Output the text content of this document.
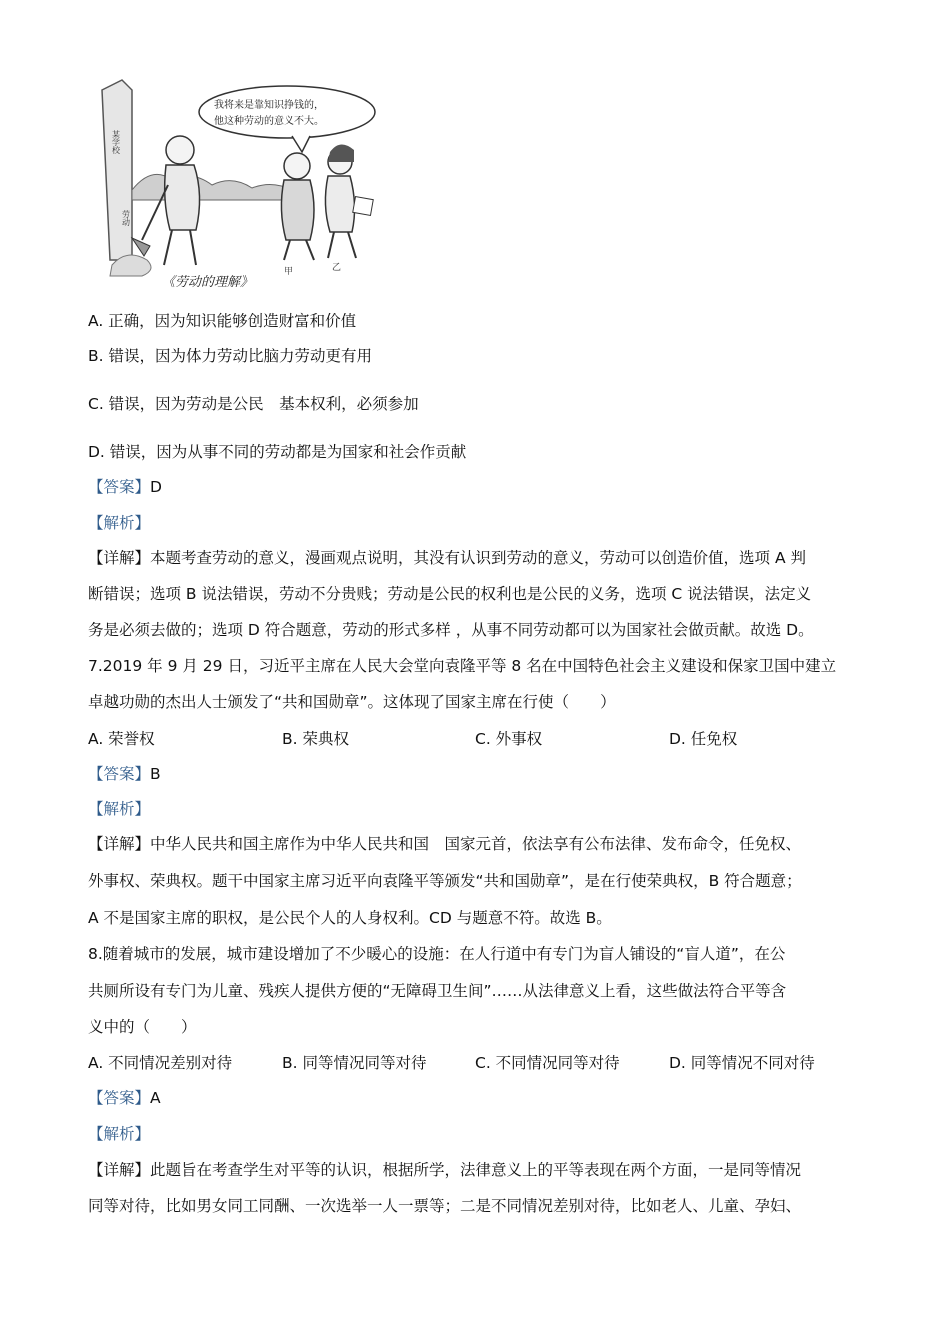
某学校
劳动
我将来是靠知识挣钱的，
他这种劳动的意义不大。
甲	乙
《劳动的理解》
A. 正确，因为知识能够创造财富和价值
B. 错误，因为体力劳动比脑力劳动更有用
C. 错误，因为劳动是公民　基本权利，必须参加
D. 错误，因为从事不同的劳动都是为国家和社会作贡献
【答案】D
【解析】
【详解】本题考查劳动的意义，漫画观点说明，其没有认识到劳动的意义，劳动可以创造价值，选项 A 判
断错误；选项 B 说法错误，劳动不分贵贱；劳动是公民的权利也是公民的义务，选项 C 说法错误，法定义
务是必须去做的；选项 D 符合题意，劳动的形式多样 ，从事不同劳动都可以为国家社会做贡献。故选 D。
7.2019 年 9 月 29 日，习近平主席在人民大会堂向袁隆平等 8 名在中国特色社会主义建设和保家卫国中建立
卓越功勋的杰出人士颁发了“共和国勋章”。这体现了国家主席在行使（　　）
A. 荣誉权	B. 荣典权	C. 外事权	D. 任免权
【答案】B
【解析】
【详解】中华人民共和国主席作为中华人民共和国　国家元首，依法享有公布法律、发布命令，任免权、
外事权、荣典权。题干中国家主席习近平向袁隆平等颁发“共和国勋章”，是在行使荣典权，B 符合题意；
A 不是国家主席的职权，是公民个人的人身权利。CD 与题意不符。故选 B。
8.随着城市的发展，城市建设增加了不少暖心的设施：在人行道中有专门为盲人铺设的“盲人道”，在公
共厕所设有专门为儿童、残疾人提供方便的“无障碍卫生间”……从法律意义上看，这些做法符合平等含
义中的（　　）
A. 不同情况差别对待	B. 同等情况同等对待	C. 不同情况同等对待	D. 同等情况不同对待
【答案】A
【解析】
【详解】此题旨在考查学生对平等的认识，根据所学，法律意义上的平等表现在两个方面，一是同等情况
同等对待，比如男女同工同酬、一次选举一人一票等；二是不同情况差别对待，比如老人、儿童、孕妇、
